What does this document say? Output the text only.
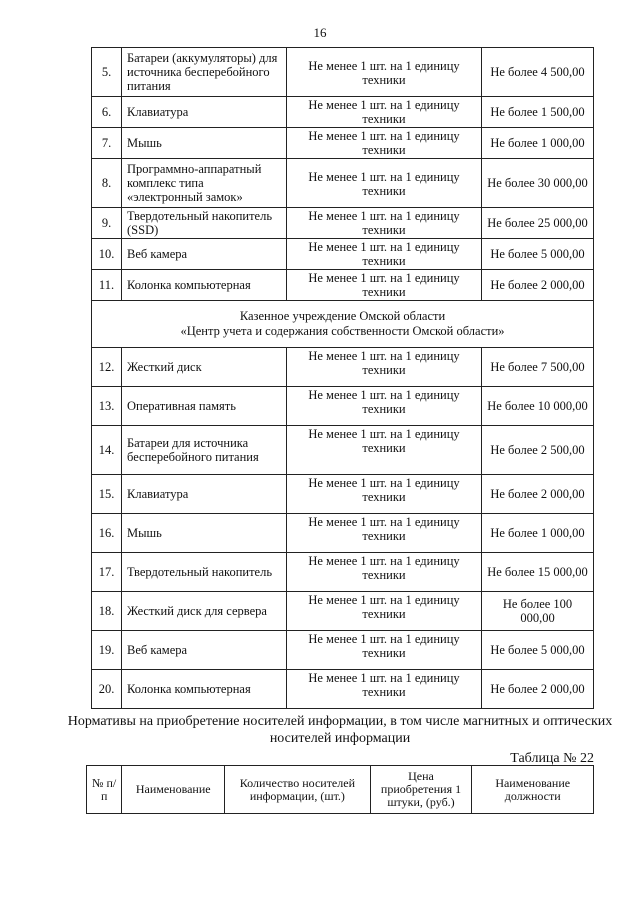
16
5.	Батареи (аккумуляторы) для источника бесперебойного питания	Не менее 1 шт. на 1 единицу техники	Не более 4 500,00
6.	Клавиатура	Не менее 1 шт. на 1 единицу техники	Не более 1 500,00
7.	Мышь	Не менее 1 шт. на 1 единицу техники	Не более 1 000,00
8.	Программно-аппаратный комплекс типа «электронный замок»	Не менее 1 шт. на 1 единицу техники	Не более 30 000,00
9.	Твердотельный накопитель (SSD)	Не менее 1 шт. на 1 единицу техники	Не более 25 000,00
10.	Веб камера	Не менее 1 шт. на 1 единицу техники	Не более 5 000,00
11.	Колонка компьютерная	Не менее 1 шт. на 1 единицу техники	Не более 2 000,00

Казенное учреждение Омской области
«Центр учета и содержания собственности Омской области»			

12.	Жесткий диск	Не менее 1 шт. на 1 единицу техники	Не более 7 500,00
13.	Оперативная память	Не менее 1 шт. на 1 единицу техники	Не более 10 000,00
14.	Батареи для источника бесперебойного питания	Не менее 1 шт. на 1 единицу техники	Не более 2 500,00
15.	Клавиатура	Не менее 1 шт. на 1 единицу техники	Не более 2 000,00
16.	Мышь	Не менее 1 шт. на 1 единицу техники	Не более 1 000,00
17.	Твердотельный накопитель	Не менее 1 шт. на 1 единицу техники	Не более 15 000,00
18.	Жесткий диск для сервера	Не менее 1 шт. на 1 единицу техники	Не более 100 000,00
19.	Веб камера	Не менее 1 шт. на 1 единицу техники	Не более 5 000,00
20.	Колонка компьютерная	Не менее 1 шт. на 1 единицу техники	Не более 2 000,00
Нормативы на приобретение носителей информации, в том числе магнитных и оптических носителей информации
Таблица № 22
№ п/п	Наименование	Количество носителей информации, (шт.)	Цена приобретения 1 штуки, (руб.)	Наименование должности
